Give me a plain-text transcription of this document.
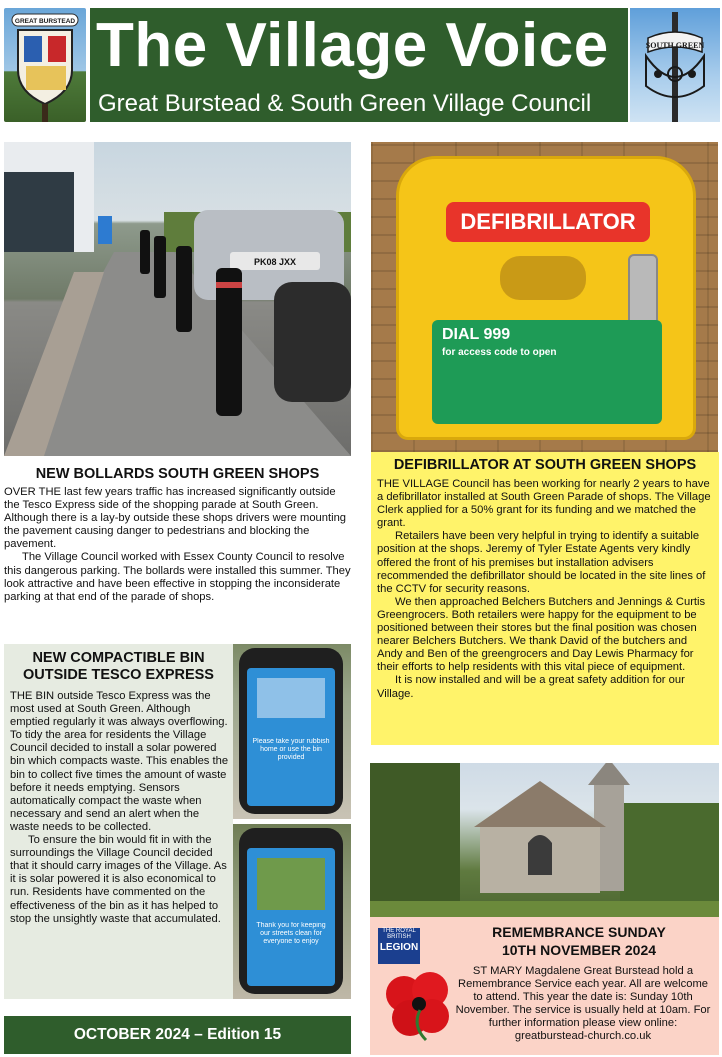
GREAT BURSTEAD The Village Voice
Great Burstead & South Green Village Council
SOUTH GREEN
PK08 JXX
NEW BOLLARDS SOUTH GREEN SHOPS

OVER THE last few years traffic has increased significantly outside the Tesco Express side of the shopping parade at South Green. Although there is a lay-by outside these shops drivers were mounting the pavement causing danger to pedestrians and blocking the pavement.

The Village Council worked with Essex County Council to resolve this dangerous parking. The bollards were installed this summer. They look attractive and have been effective in stopping the inconsiderate parking at that end of the parade of shops.

DEFIBRILLATOR
DIAL 999
for access code to open
DEFIBRILLATOR AT SOUTH GREEN SHOPS

THE VILLAGE Council has been working for nearly 2 years to have a defibrillator installed at South Green Parade of shops. The Village Clerk applied for a 50% grant for its funding and we matched the grant.

Retailers have been very helpful in trying to identify a suitable position at the shops. Jeremy of Tyler Estate Agents very kindly offered the front of his premises but installation advisers recommended the defibrillator should be located in the site lines of the CCTV for security reasons.

We then approached Belchers Butchers and Jennings & Curtis Greengrocers. Both retailers were happy for the equipment to be positioned between their stores but the final position was chosen nearer Belchers Butchers. We thank David of the butchers and Andy and Ben of the greengrocers and Day Lewis Pharmacy for their efforts to help residents with this vital piece of equipment.

It is now installed and will be a great safety addition for our Village.

NEW COMPACTIBLE BIN OUTSIDE TESCO EXPRESS

THE BIN outside Tesco Express was the most used at South Green. Although emptied regularly it was always overflowing. To tidy the area for residents the Village Council decided to install a solar powered bin which compacts waste. This enables the bin to collect five times the amount of waste before it needs emptying. Sensors automatically compact the waste when necessary and send an alert when the waste needs to be collected.

To ensure the bin would fit in with the surroundings the Village Council decided that it should carry images of the Village. As it is solar powered it is also economical to run. Residents have commented on the effectiveness of the bin as it has helped to stop the unsightly waste that accumulated.

Please take your rubbish home or use the bin provided
Thank you for keeping our streets clean for everyone to enjoy
REMEMBRANCE SUNDAY
10TH NOVEMBER 2024
ST MARY Magdalene Great Burstead hold a Remembrance Service each year. All are welcome to attend. This year the date is: Sunday 10th November. The service is usually held at 10am. For further information please view online: greatburstead-church.co.uk
THE ROYAL BRITISH
LEGION
OCTOBER 2024 – Edition 15
